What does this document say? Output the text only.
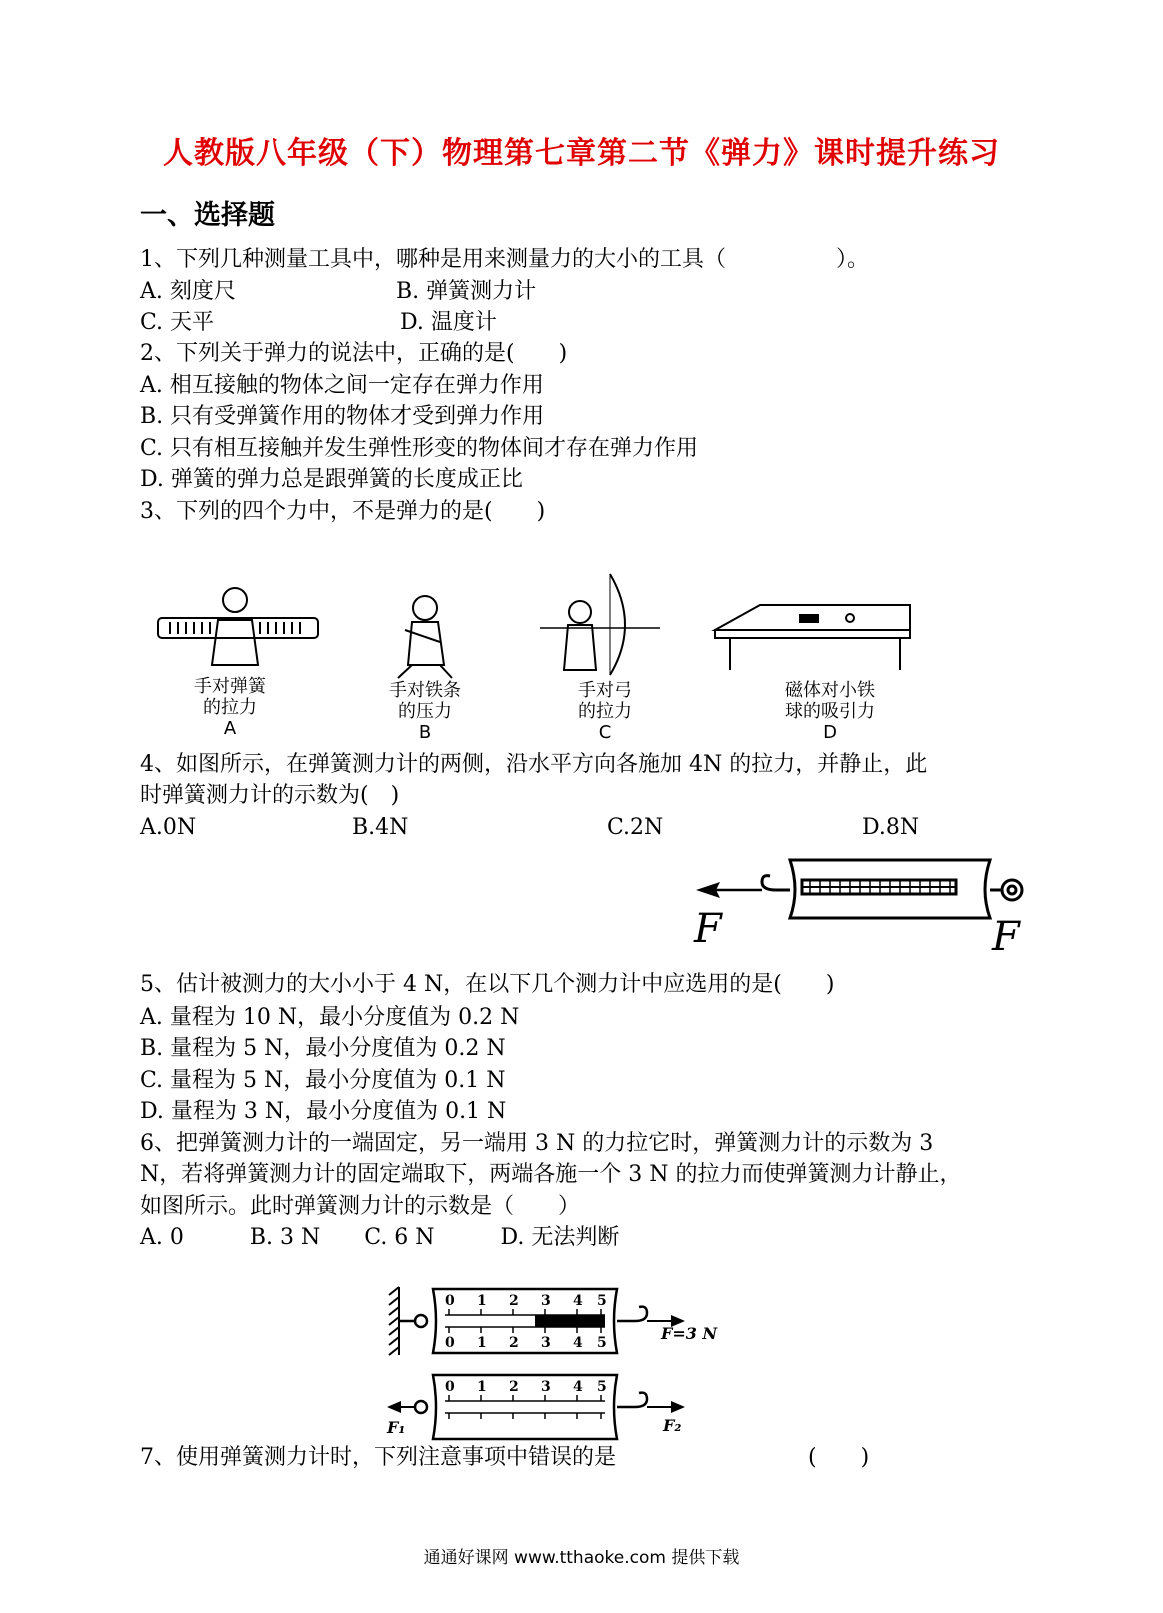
人教版八年级（下）物理第七章第二节《弹力》课时提升练习
一、选择题
1、下列几种测量工具中，哪种是用来测量力的大小的工具（　　　　　）。
A. 刻度尺	B. 弹簧测力计
C. 天平	D. 温度计
2、下列关于弹力的说法中，正确的是(　　)
A. 相互接触的物体之间一定存在弹力作用
B. 只有受弹簧作用的物体才受到弹力作用
C. 只有相互接触并发生弹性形变的物体间才存在弹力作用
D. 弹簧的弹力总是跟弹簧的长度成正比
3、下列的四个力中，不是弹力的是(　　)
手对弹簧
的拉力
A
手对铁条
的压力
B
手对弓
的拉力
C
磁体对小铁
球的吸引力
D
4、如图所示，在弹簧测力计的两侧，沿水平方向各施加 4N 的拉力，并静止，此
时弹簧测力计的示数为(　)
A.0N	B.4N	C.2N	D.8N
F	F
5、估计被测力的大小小于 4 N，在以下几个测力计中应选用的是(　　)
A. 量程为 10 N，最小分度值为 0.2 N
B. 量程为 5 N，最小分度值为 0.2 N
C. 量程为 5 N，最小分度值为 0.1 N
D. 量程为 3 N，最小分度值为 0.1 N
6、把弹簧测力计的一端固定，另一端用 3 N 的力拉它时，弹簧测力计的示数为 3
N，若将弹簧测力计的固定端取下，两端各施一个 3 N 的拉力而使弹簧测力计静止，
如图所示。此时弹簧测力计的示数是（　　）
A. 0　　　B. 3 N　　C. 6 N　　　D. 无法判断
0 1 2 3 4 5
0 1 2 3 4 5	F=3 N
0 1 2 3 4 5
F₁	F₂
7、使用弹簧测力计时，下列注意事项中错误的是	(　　)
通通好课网 www.tthaoke.com 提供下载
